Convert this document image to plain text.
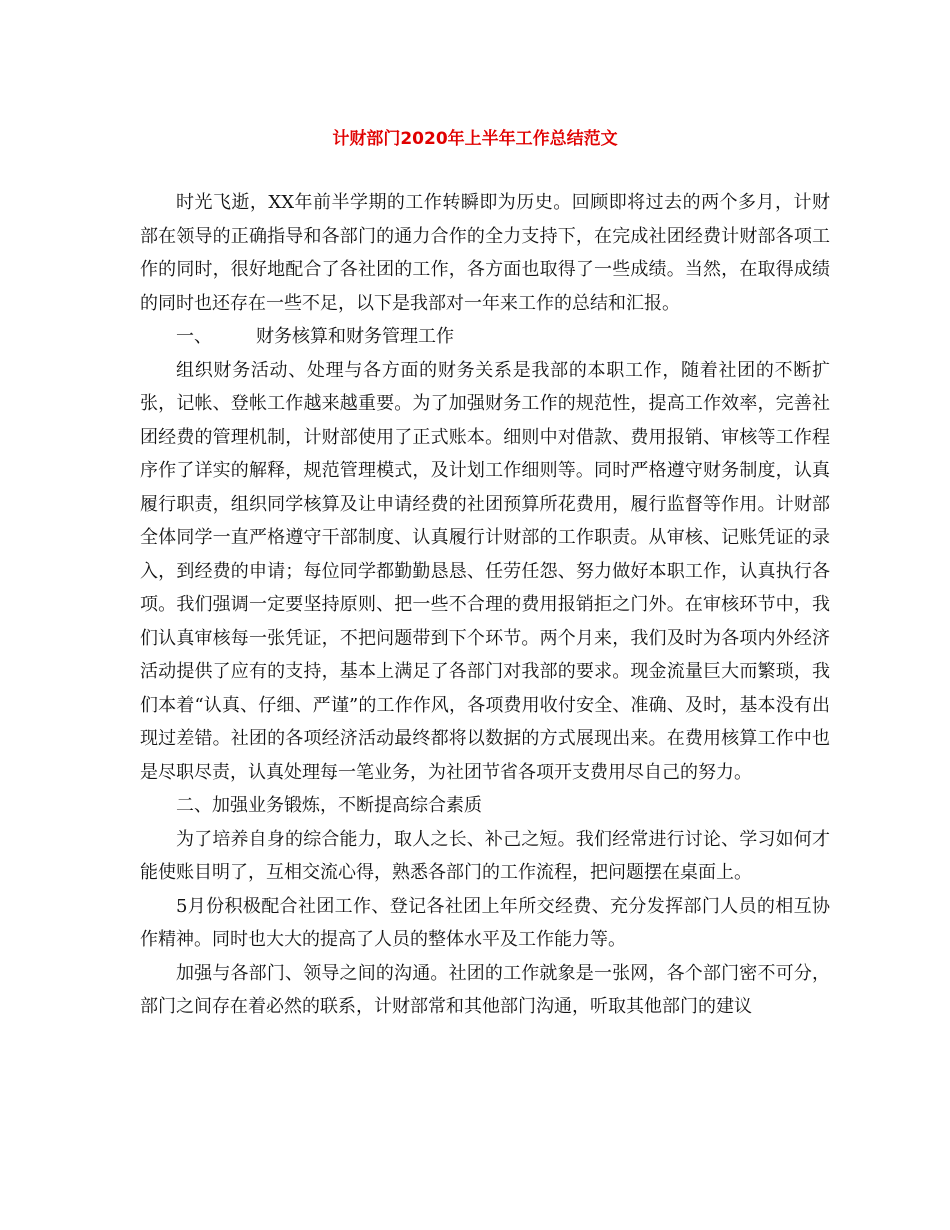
计财部门2020年上半年工作总结范文

时光飞逝，XX年前半学期的工作转瞬即为历史。回顾即将过去的两个多月，计财部在领导的正确指导和各部门的通力合作的全力支持下，在完成社团经费计财部各项工作的同时，很好地配合了各社团的工作，各方面也取得了一些成绩。当然，在取得成绩的同时也还存在一些不足，以下是我部对一年来工作的总结和汇报。

一、 财务核算和财务管理工作

组织财务活动、处理与各方面的财务关系是我部的本职工作，随着社团的不断扩张，记帐、登帐工作越来越重要。为了加强财务工作的规范性，提高工作效率，完善社团经费的管理机制，计财部使用了正式账本。细则中对借款、费用报销、审核等工作程序作了详实的解释，规范管理模式，及计划工作细则等。同时严格遵守财务制度，认真履行职责，组织同学核算及让申请经费的社团预算所花费用，履行监督等作用。计财部全体同学一直严格遵守干部制度、认真履行计财部的工作职责。从审核、记账凭证的录入，到经费的申请；每位同学都勤勤恳恳、任劳任怨、努力做好本职工作，认真执行各项。我们强调一定要坚持原则、把一些不合理的费用报销拒之门外。在审核环节中，我们认真审核每一张凭证，不把问题带到下个环节。两个月来，我们及时为各项内外经济活动提供了应有的支持，基本上满足了各部门对我部的要求。现金流量巨大而繁琐，我们本着“认真、仔细、严谨”的工作作风，各项费用收付安全、准确、及时，基本没有出现过差错。社团的各项经济活动最终都将以数据的方式展现出来。在费用核算工作中也是尽职尽责，认真处理每一笔业务，为社团节省各项开支费用尽自己的努力。

二、加强业务锻炼，不断提高综合素质

为了培养自身的综合能力，取人之长、补己之短。我们经常进行讨论、学习如何才能使账目明了，互相交流心得，熟悉各部门的工作流程，把问题摆在桌面上。

5月份积极配合社团工作、登记各社团上年所交经费、充分发挥部门人员的相互协作精神。同时也大大的提高了人员的整体水平及工作能力等。

加强与各部门、领导之间的沟通。社团的工作就象是一张网，各个部门密不可分，部门之间存在着必然的联系，计财部常和其他部门沟通，听取其他部门的建议
